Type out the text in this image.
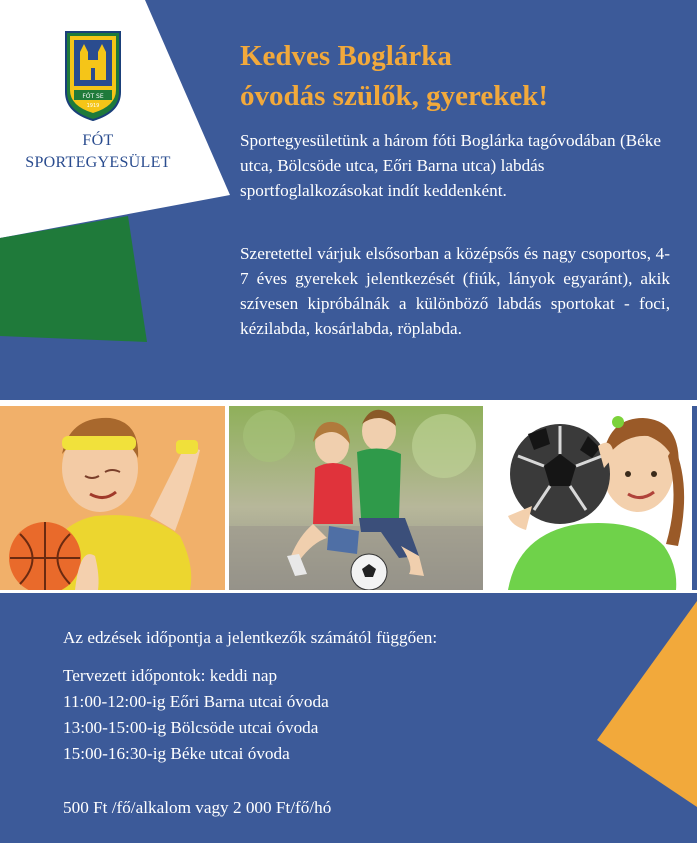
FÓT SE
1919
FÓT
SPORTEGYESÜLET
Kedves Boglárka
óvodás szülők, gyerekek!
Sportegyesületünk a három fóti Boglárka tagóvodában (Béke utca, Bölcsöde utca, Eőri Barna utca) labdás sportfoglalkozásokat indít keddenként.
Szeretettel várjuk elsősorban a középsős és nagy csoportos, 4-7 éves gyerekek jelentkezését (fiúk, lányok egyaránt), akik szívesen kipróbálnák a különböző labdás sportokat - foci, kézilabda, kosárlabda, röplabda.
Az edzések időpontja a jelentkezők számától függően:
Tervezett időpontok: keddi nap
11:00-12:00-ig Eőri Barna utcai óvoda
13:00-15:00-ig Bölcsöde utcai óvoda
15:00-16:30-ig Béke utcai óvoda
500 Ft /fő/alkalom vagy 2 000 Ft/fő/hó
